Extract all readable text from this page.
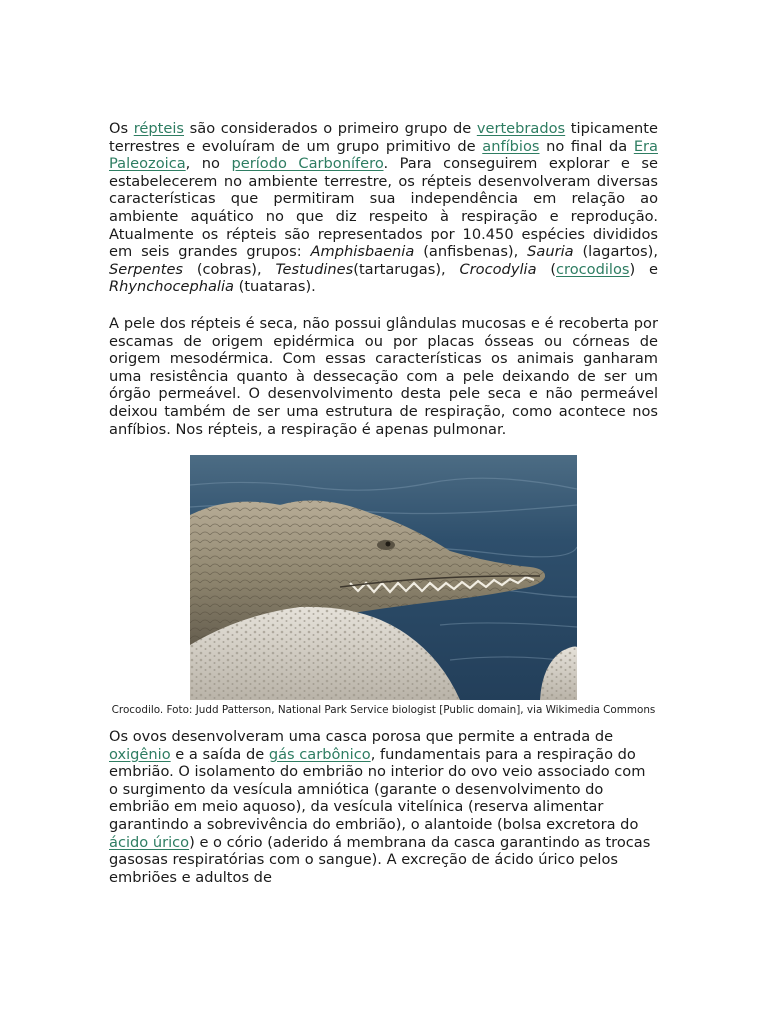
Os répteis são considerados o primeiro grupo de vertebrados tipicamente terrestres e evoluíram de um grupo primitivo de anfíbios no final da Era Paleozoica, no período Carbonífero. Para conseguirem explorar e se estabelecerem no ambiente terrestre, os répteis desenvolveram diversas características que permitiram sua independência em relação ao ambiente aquático no que diz respeito à respiração e reprodução. Atualmente os répteis são representados por 10.450 espécies divididos em seis grandes grupos: Amphisbaenia (anfisbenas), Sauria (lagartos), Serpentes (cobras), Testudines(tartarugas), Crocodylia (crocodilos) e Rhynchocephalia (tuataras).

A pele dos répteis é seca, não possui glândulas mucosas e é recoberta por escamas de origem epidérmica ou por placas ósseas ou córneas de origem mesodérmica. Com essas características os animais ganharam uma resistência quanto à dessecação com a pele deixando de ser um órgão permeável. O desenvolvimento desta pele seca e não permeável deixou também de ser uma estrutura de respiração, como acontece nos anfíbios. Nos répteis, a respiração é apenas pulmonar.

Crocodilo. Foto: Judd Patterson, National Park Service biologist [Public domain], via Wikimedia Commons

Os ovos desenvolveram uma casca porosa que permite a entrada de oxigênio e a saída de gás carbônico, fundamentais para a respiração do embrião. O isolamento do embrião no interior do ovo veio associado com o surgimento da vesícula amniótica (garante o desenvolvimento do embrião em meio aquoso), da vesícula vitelínica (reserva alimentar garantindo a sobrevivência do embrião), o alantoide (bolsa excretora do ácido úrico) e o cório (aderido á membrana da casca garantindo as trocas gasosas respiratórias com o sangue). A excreção de ácido úrico pelos embriões e adultos de
